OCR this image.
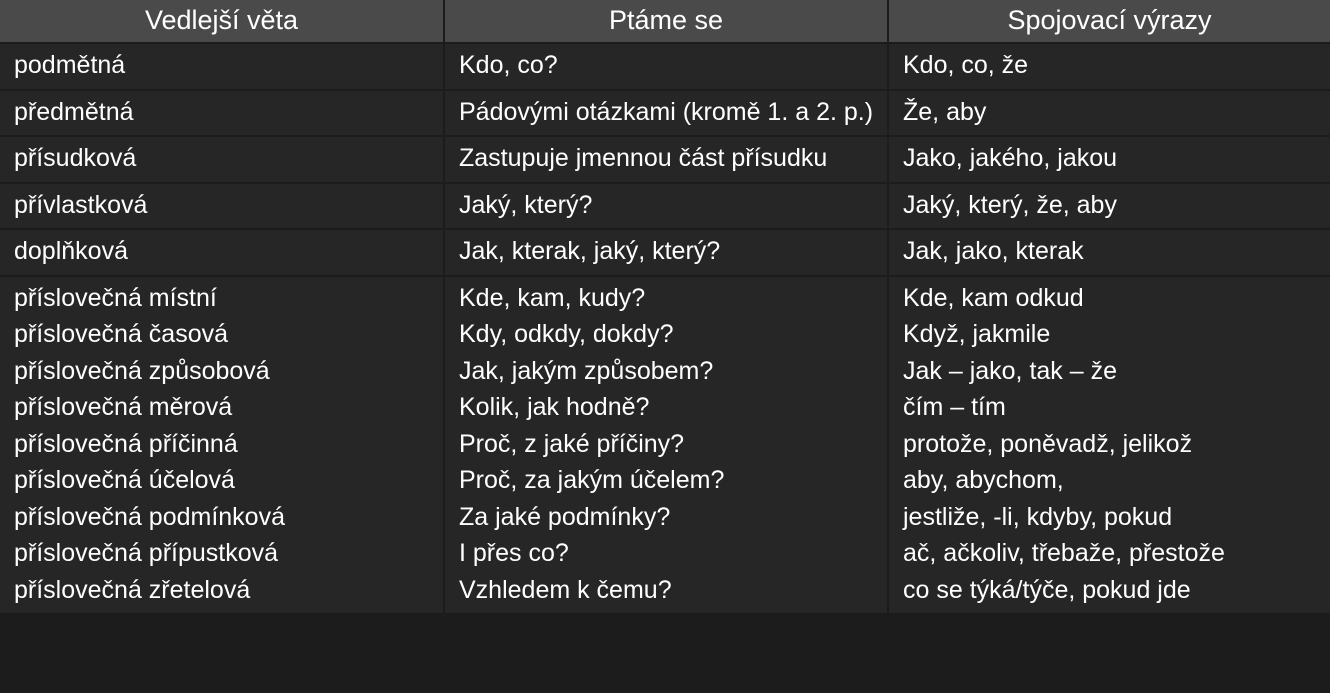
Vedlejší věta	Ptáme se	Spojovací výrazy
podmětná	Kdo, co?	Kdo, co, že
předmětná	Pádovými otázkami (kromě 1. a 2. p.)	Že, aby
přísudková	Zastupuje jmennou část přísudku	Jako, jakého, jakou
přívlastková	Jaký, který?	Jaký, který, že, aby
doplňková	Jak, kterak, jaký, který?	Jak, jako, kterak

příslovečná místní	Kde, kam, kudy?	Kde, kam odkud

příslovečná časová	Kdy, odkdy, dokdy?	Když, jakmile

příslovečná způsobová	Jak, jakým způsobem?	Jak – jako, tak – že

příslovečná měrová	Kolik, jak hodně?	čím – tím

příslovečná příčinná	Proč, z jaké příčiny?	protože, poněvadž, jelikož

příslovečná účelová	Proč, za jakým účelem?	aby, abychom,

příslovečná podmínková	Za jaké podmínky?	jestliže, -li, kdyby, pokud

příslovečná přípustková	I přes co?	ač, ačkoliv, třebaže, přestože

příslovečná zřetelová	Vzhledem k čemu?	co se týká/týče, pokud jde
